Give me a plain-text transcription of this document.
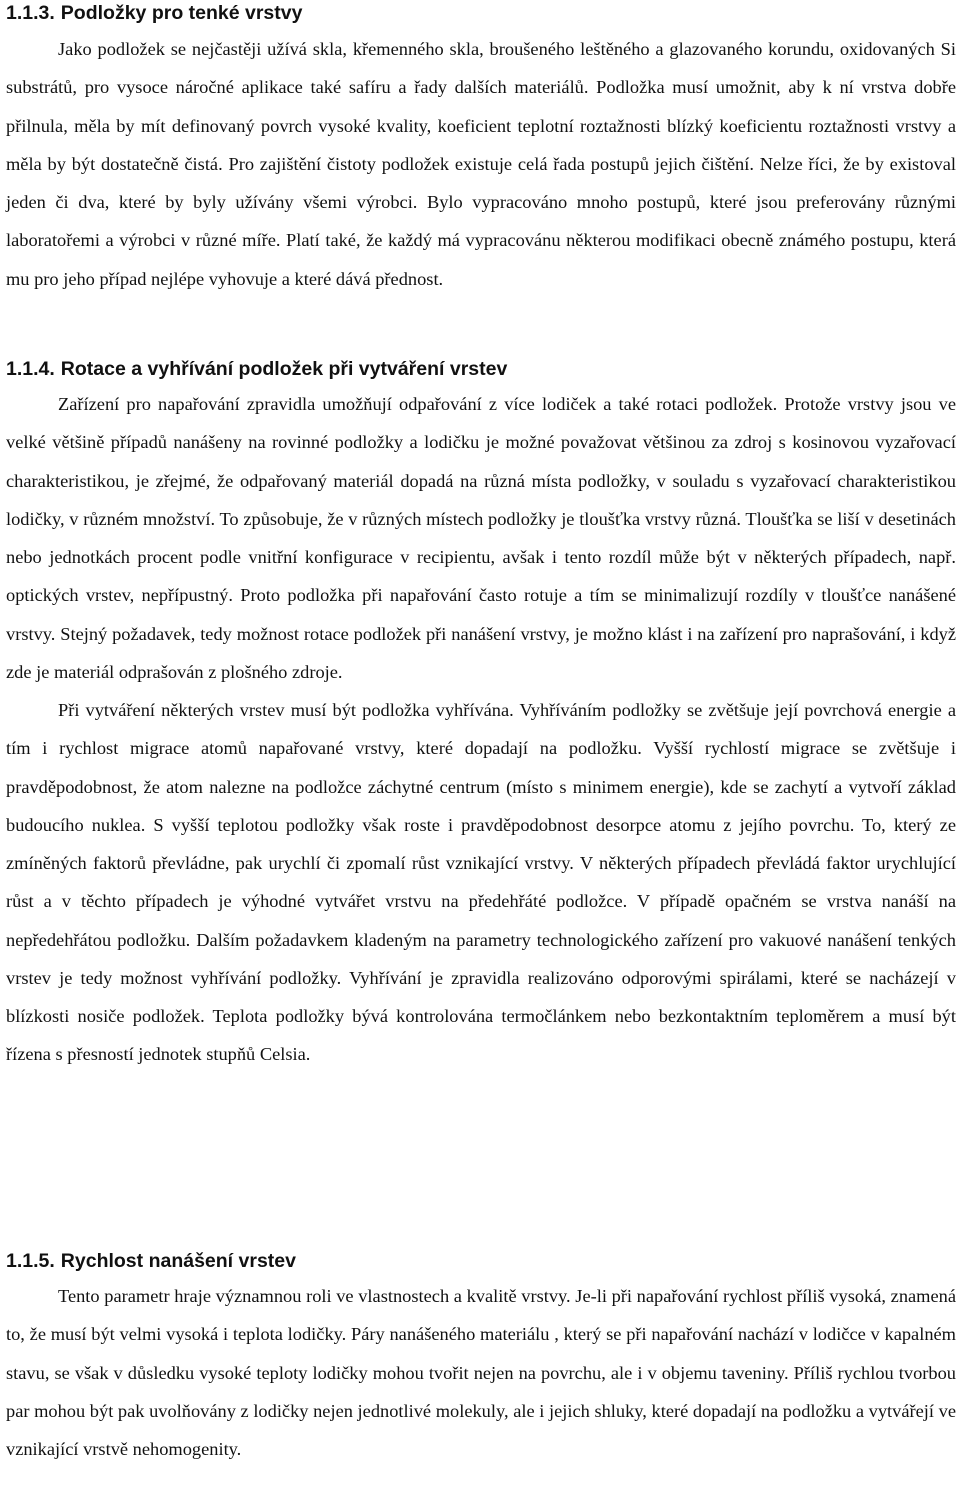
1.1.3. Podložky pro tenké vrstvy

Jako podložek se nejčastěji užívá skla, křemenného skla, broušeného leštěného a glazovaného korundu, oxidovaných Si substrátů, pro vysoce náročné aplikace také safíru a řady dalších materiálů. Podložka musí umožnit, aby k ní vrstva dobře přilnula, měla by mít definovaný povrch vysoké kvality, koeficient teplotní roztažnosti blízký koeficientu roztažnosti vrstvy a měla by být dostatečně čistá. Pro zajištění čistoty podložek existuje celá řada postupů jejich čištění. Nelze říci, že by existoval jeden či dva, které by byly užívány všemi výrobci. Bylo vypracováno mnoho postupů, které jsou preferovány různými laboratořemi a výrobci v různé míře. Platí také, že každý má vypracovánu některou modifikaci obecně známého postupu, která mu pro jeho případ nejlépe vyhovuje a které dává přednost.

1.1.4. Rotace a vyhřívání podložek při vytváření vrstev

Zařízení pro napařování zpravidla umožňují odpařování z více lodiček a také rotaci podložek. Protože vrstvy jsou ve velké většině případů nanášeny na rovinné podložky a lodičku je možné považovat většinou za zdroj s kosinovou vyzařovací charakteristikou, je zřejmé, že odpařovaný materiál dopadá na různá místa podložky, v souladu s vyzařovací charakteristikou lodičky, v různém množství. To způsobuje, že v různých místech podložky je tloušťka vrstvy různá. Tloušťka se liší v desetinách nebo jednotkách procent podle vnitřní konfigurace v recipientu, avšak i tento rozdíl může být v některých případech, např. optických vrstev, nepřípustný. Proto podložka při napařování často rotuje a tím se minimalizují rozdíly v tloušťce nanášené vrstvy. Stejný požadavek, tedy možnost rotace podložek při nanášení vrstvy, je možno klást i na zařízení pro naprašování, i když zde je materiál odprašován z plošného zdroje.

Při vytváření některých vrstev musí být podložka vyhřívána. Vyhříváním podložky se zvětšuje její povrchová energie a tím i rychlost migrace atomů napařované vrstvy, které dopadají na podložku. Vyšší rychlostí migrace se zvětšuje i pravděpodobnost, že atom nalezne na podložce záchytné centrum (místo s minimem energie), kde se zachytí a vytvoří základ budoucího nuklea. S vyšší teplotou podložky však roste i pravděpodobnost desorpce atomu z jejího povrchu. To, který ze zmíněných faktorů převládne, pak urychlí či zpomalí růst vznikající vrstvy. V některých případech převládá faktor urychlující růst a v těchto případech je výhodné vytvářet vrstvu na předehřáté podložce. V případě opačném se vrstva nanáší na nepředehřátou podložku. Dalším požadavkem kladeným na parametry technologického zařízení pro vakuové nanášení tenkých vrstev je tedy možnost vyhřívání podložky. Vyhřívání je zpravidla realizováno odporovými spirálami, které se nacházejí v blízkosti nosiče podložek. Teplota podložky bývá kontrolována termočlánkem nebo bezkontaktním teploměrem a musí být řízena s přesností jednotek stupňů Celsia.

1.1.5. Rychlost nanášení vrstev

Tento parametr hraje významnou roli ve vlastnostech a kvalitě vrstvy. Je-li při napařování rychlost příliš vysoká, znamená to, že musí být velmi vysoká i teplota lodičky. Páry nanášeného materiálu , který se při napařování nachází v lodičce v kapalném stavu, se však v důsledku vysoké teploty lodičky mohou tvořit nejen na povrchu, ale i v objemu taveniny. Příliš rychlou tvorbou par mohou být pak uvolňovány z lodičky nejen jednotlivé molekuly, ale i jejich shluky, které dopadají na podložku a vytvářejí ve vznikající vrstvě nehomogenity.
